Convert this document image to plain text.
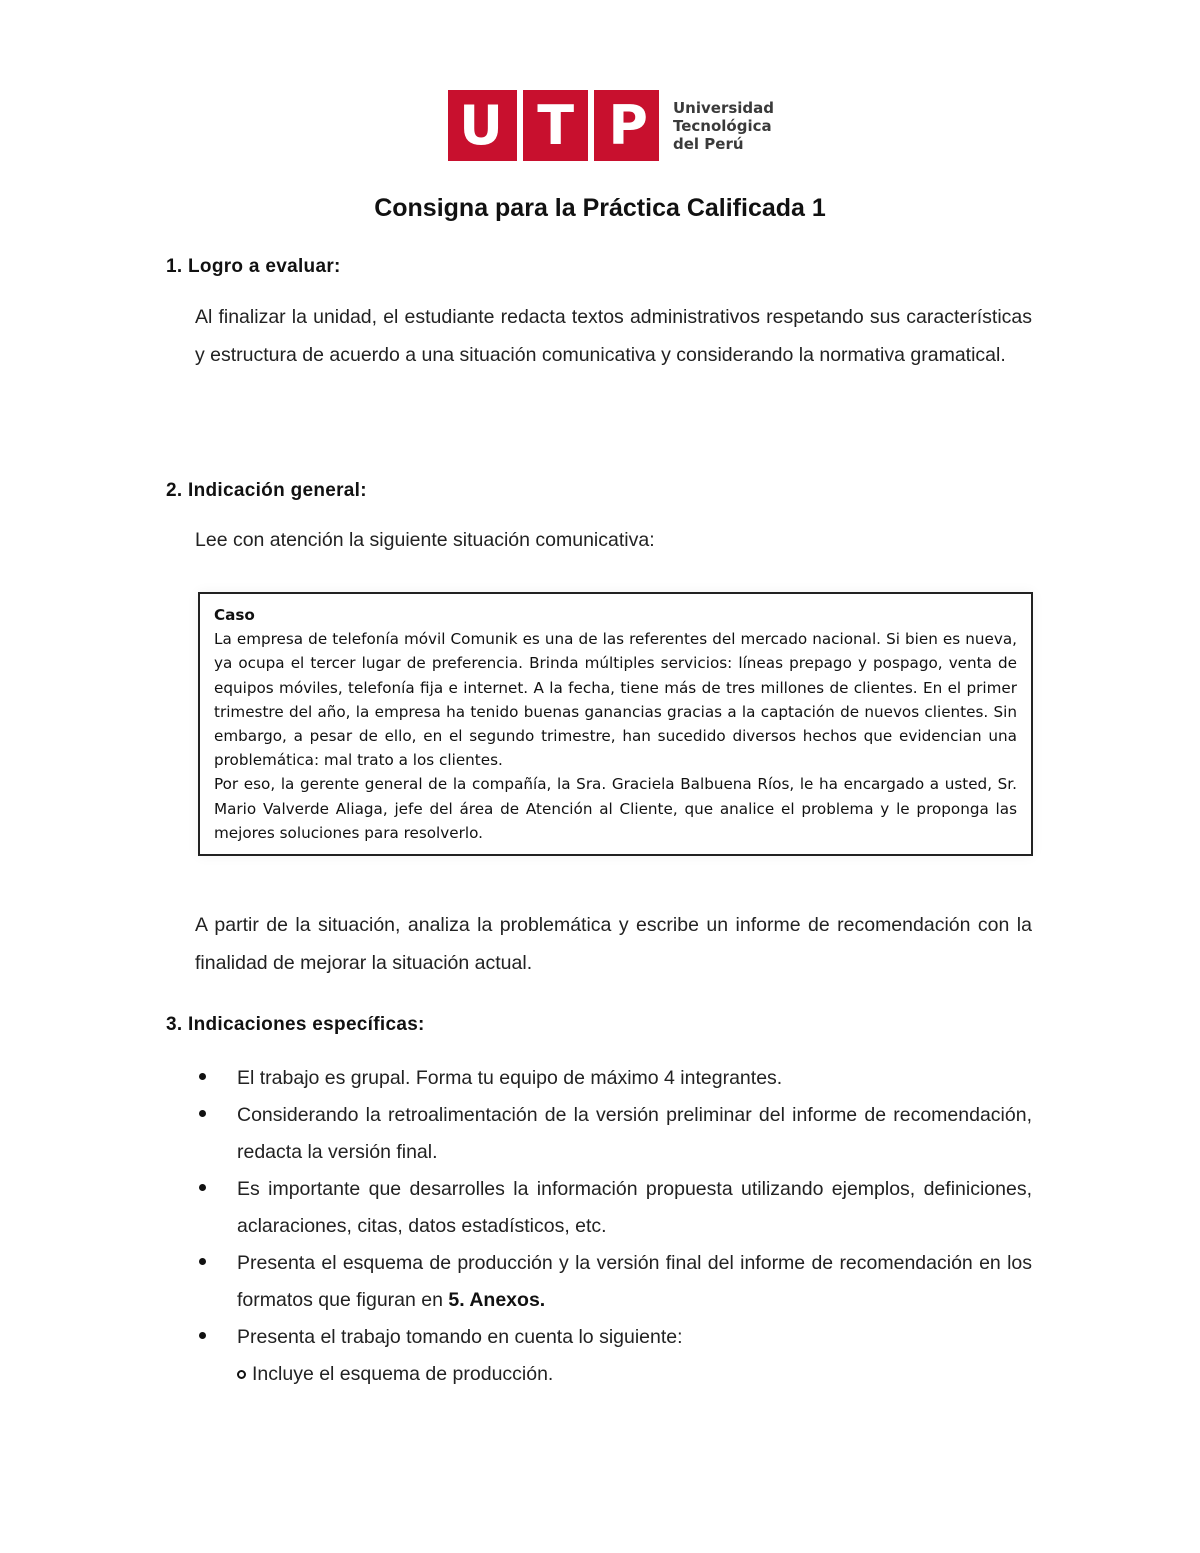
U T P Universidad
Tecnológica
del Perú
Consigna para la Práctica Calificada 1
1. Logro a evaluar:
Al finalizar la unidad, el estudiante redacta textos administrativos respetando sus características y estructura de acuerdo a una situación comunicativa y considerando la normativa gramatical.
2. Indicación general:
Lee con atención la siguiente situación comunicativa:
Caso
La empresa de telefonía móvil Comunik es una de las referentes del mercado nacional. Si bien es nueva, ya ocupa el tercer lugar de preferencia. Brinda múltiples servicios: líneas prepago y pospago, venta de equipos móviles, telefonía fija e internet. A la fecha, tiene más de tres millones de clientes. En el primer trimestre del año, la empresa ha tenido buenas ganancias gracias a la captación de nuevos clientes. Sin embargo, a pesar de ello, en el segundo trimestre, han sucedido diversos hechos que evidencian una problemática: mal trato a los clientes.
Por eso, la gerente general de la compañía, la Sra. Graciela Balbuena Ríos, le ha encargado a usted, Sr. Mario Valverde Aliaga, jefe del área de Atención al Cliente, que analice el problema y le proponga las mejores soluciones para resolverlo.
A partir de la situación, analiza la problemática y escribe un informe de recomendación con la finalidad de mejorar la situación actual.
3. Indicaciones específicas:
El trabajo es grupal. Forma tu equipo de máximo 4 integrantes.
Considerando la retroalimentación de la versión preliminar del informe de recomendación, redacta la versión final.
Es importante que desarrolles la información propuesta utilizando ejemplos, definiciones, aclaraciones, citas, datos estadísticos, etc.
Presenta el esquema de producción y la versión final del informe de recomendación en los formatos que figuran en 5. Anexos.
Presenta el trabajo tomando en cuenta lo siguiente:
Incluye el esquema de producción.
